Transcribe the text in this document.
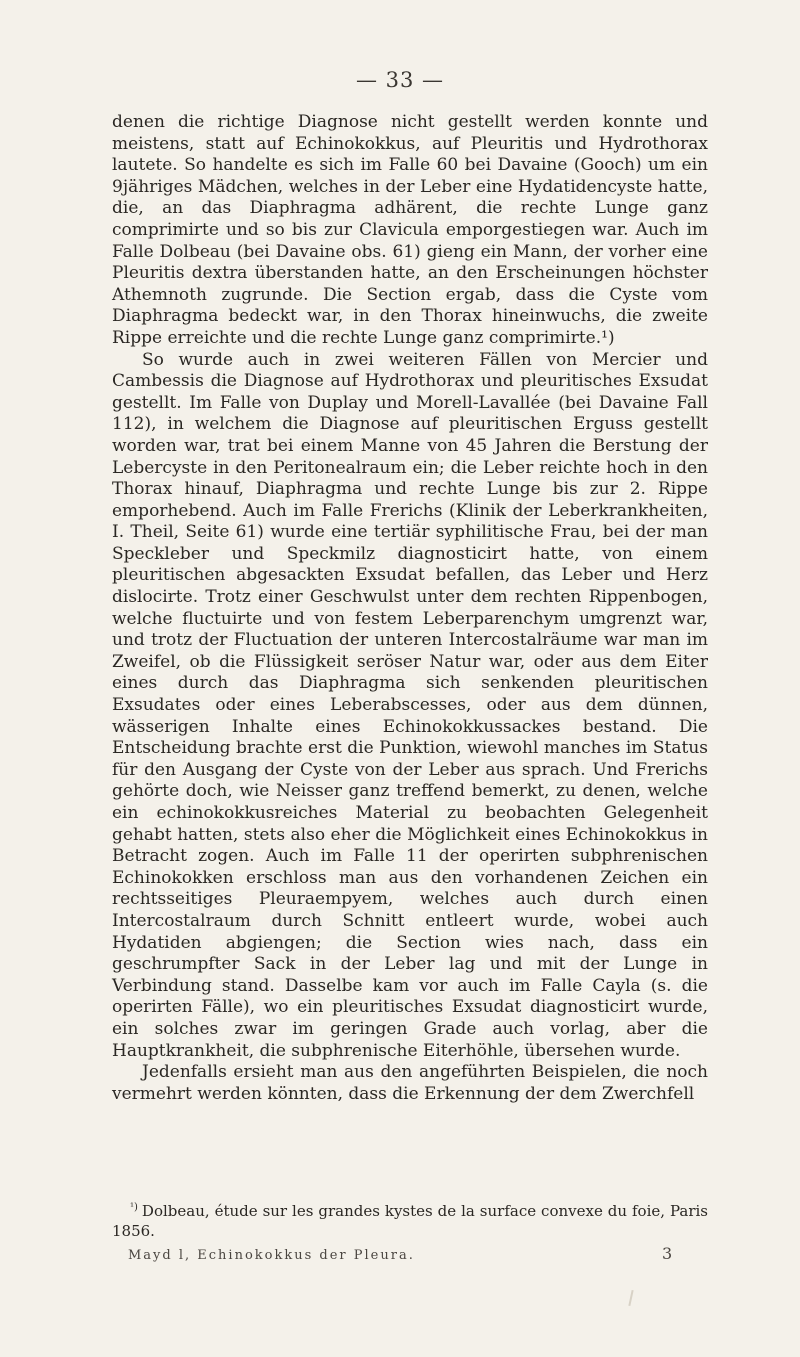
— 33 —

denen die richtige Diagnose nicht gestellt werden konnte und meistens, statt auf Echinokokkus, auf Pleuritis und Hydrothorax lautete. So handelte es sich im Falle 60 bei Davaine (Gooch) um ein 9jähriges Mädchen, welches in der Leber eine Hydatidencyste hatte, die, an das Diaphragma adhärent, die rechte Lunge ganz comprimirte und so bis zur Clavicula emporgestiegen war. Auch im Falle Dolbeau (bei Davaine obs. 61) gieng ein Mann, der vorher eine Pleuritis dextra überstanden hatte, an den Erscheinungen höchster Athemnoth zugrunde. Die Section ergab, dass die Cyste vom Diaphragma bedeckt war, in den Thorax hineinwuchs, die zweite Rippe erreichte und die rechte Lunge ganz comprimirte.¹)

So wurde auch in zwei weiteren Fällen von Mercier und Cambessis die Diagnose auf Hydrothorax und pleuritisches Exsudat gestellt. Im Falle von Duplay und Morell-Lavallée (bei Davaine Fall 112), in welchem die Diagnose auf pleuritischen Erguss gestellt worden war, trat bei einem Manne von 45 Jahren die Berstung der Lebercyste in den Peritonealraum ein; die Leber reichte hoch in den Thorax hinauf, Diaphragma und rechte Lunge bis zur 2. Rippe emporhebend. Auch im Falle Frerichs (Klinik der Leberkrankheiten, I. Theil, Seite 61) wurde eine tertiär syphilitische Frau, bei der man Speckleber und Speckmilz diagnosticirt hatte, von einem pleuritischen abgesackten Exsudat befallen, das Leber und Herz dislocirte. Trotz einer Geschwulst unter dem rechten Rippenbogen, welche fluctuirte und von festem Leberparenchym umgrenzt war, und trotz der Fluctuation der unteren Intercostalräume war man im Zweifel, ob die Flüssigkeit seröser Natur war, oder aus dem Eiter eines durch das Diaphragma sich senkenden pleuritischen Exsudates oder eines Leberabscesses, oder aus dem dünnen, wässerigen Inhalte eines Echinokokkussackes bestand. Die Entscheidung brachte erst die Punktion, wiewohl manches im Status für den Ausgang der Cyste von der Leber aus sprach. Und Frerichs gehörte doch, wie Neisser ganz treffend bemerkt, zu denen, welche ein echinokokkusreiches Material zu beobachten Gelegenheit gehabt hatten, stets also eher die Möglichkeit eines Echinokokkus in Betracht zogen. Auch im Falle 11 der operirten subphrenischen Echinokokken erschloss man aus den vorhandenen Zeichen ein rechtsseitiges Pleuraempyem, welches auch durch einen Intercostalraum durch Schnitt entleert wurde, wobei auch Hydatiden abgiengen; die Section wies nach, dass ein geschrumpfter Sack in der Leber lag und mit der Lunge in Verbindung stand. Dasselbe kam vor auch im Falle Cayla (s. die operirten Fälle), wo ein pleuritisches Exsudat diagnosticirt wurde, ein solches zwar im geringen Grade auch vorlag, aber die Hauptkrankheit, die subphrenische Eiterhöhle, übersehen wurde.

Jedenfalls ersieht man aus den angeführten Beispielen, die noch vermehrt werden könnten, dass die Erkennung der dem Zwerchfell

$^{^1)}$ Dolbeau, étude sur les grandes kystes de la surface convexe du foie, Paris 1856.

Mayd l, Echinokokkus der Pleura.	3
